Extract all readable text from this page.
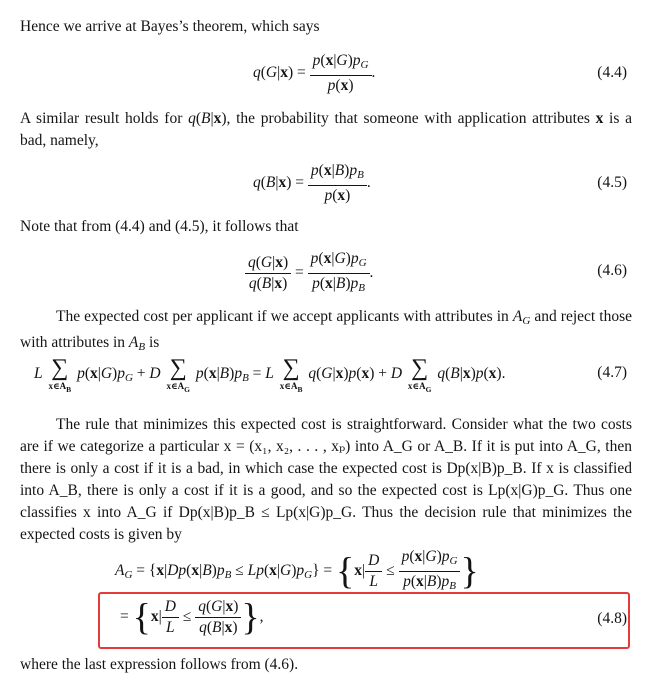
Hence we arrive at Bayes’s theorem, which says
$q(G|x) = \frac{p(x|G)p_G}{p(x)}$ .	(4.4)
A similar result holds for q(B|x), the probability that someone with application attributes x is a bad, namely,
$q(B|x) = \frac{p(x|B)p_B}{p(x)}$ .	(4.5)
Note that from (4.4) and (4.5), it follows that
$\frac{q(G|x)}{q(B|x)} = \frac{p(x|G)p_G}{p(x|B)p_B}$ .	(4.6)
The expected cost per applicant if we accept applicants with attributes in $A_G$ and reject those with attributes in $A_B$ is
L ∑
$x\in A_B$
$p(x|G)p_G + D$ ∑
$x\in A_G$
$p(x|B)p_B = L$ ∑
$x\in A_B$
q(G|x)p(x) + D ∑
$x\in A_G$
q(B|x)p(x).	(4.7)
The rule that minimizes this expected cost is straightforward. Consider what the two costs are if we categorize a particular x = (x₁, x₂, . . . , xₚ) into A_G or A_B. If it is put into A_G, then there is only a cost if it is a bad, in which case the expected cost is Dp(x|B)p_B. If x is classified into A_B, there is only a cost if it is a good, and so the expected cost is Lp(x|G)p_G. Thus one classifies x into A_G if Dp(x|B)p_B ≤ Lp(x|G)p_G. Thus the decision rule that minimizes the expected costs is given by
$A_G = \{x|Dp(x|B)p_B \le Lp(x|G)p_G\} = \{x| \frac{D}{L} \le \frac{p(x|G)p_G}{p(x|B)p_B}$ }
= {$x| \frac{D}{L} \le \frac{q(G|x)}{q(B|x)}$ },	(4.8)
where the last expression follows from (4.6).
